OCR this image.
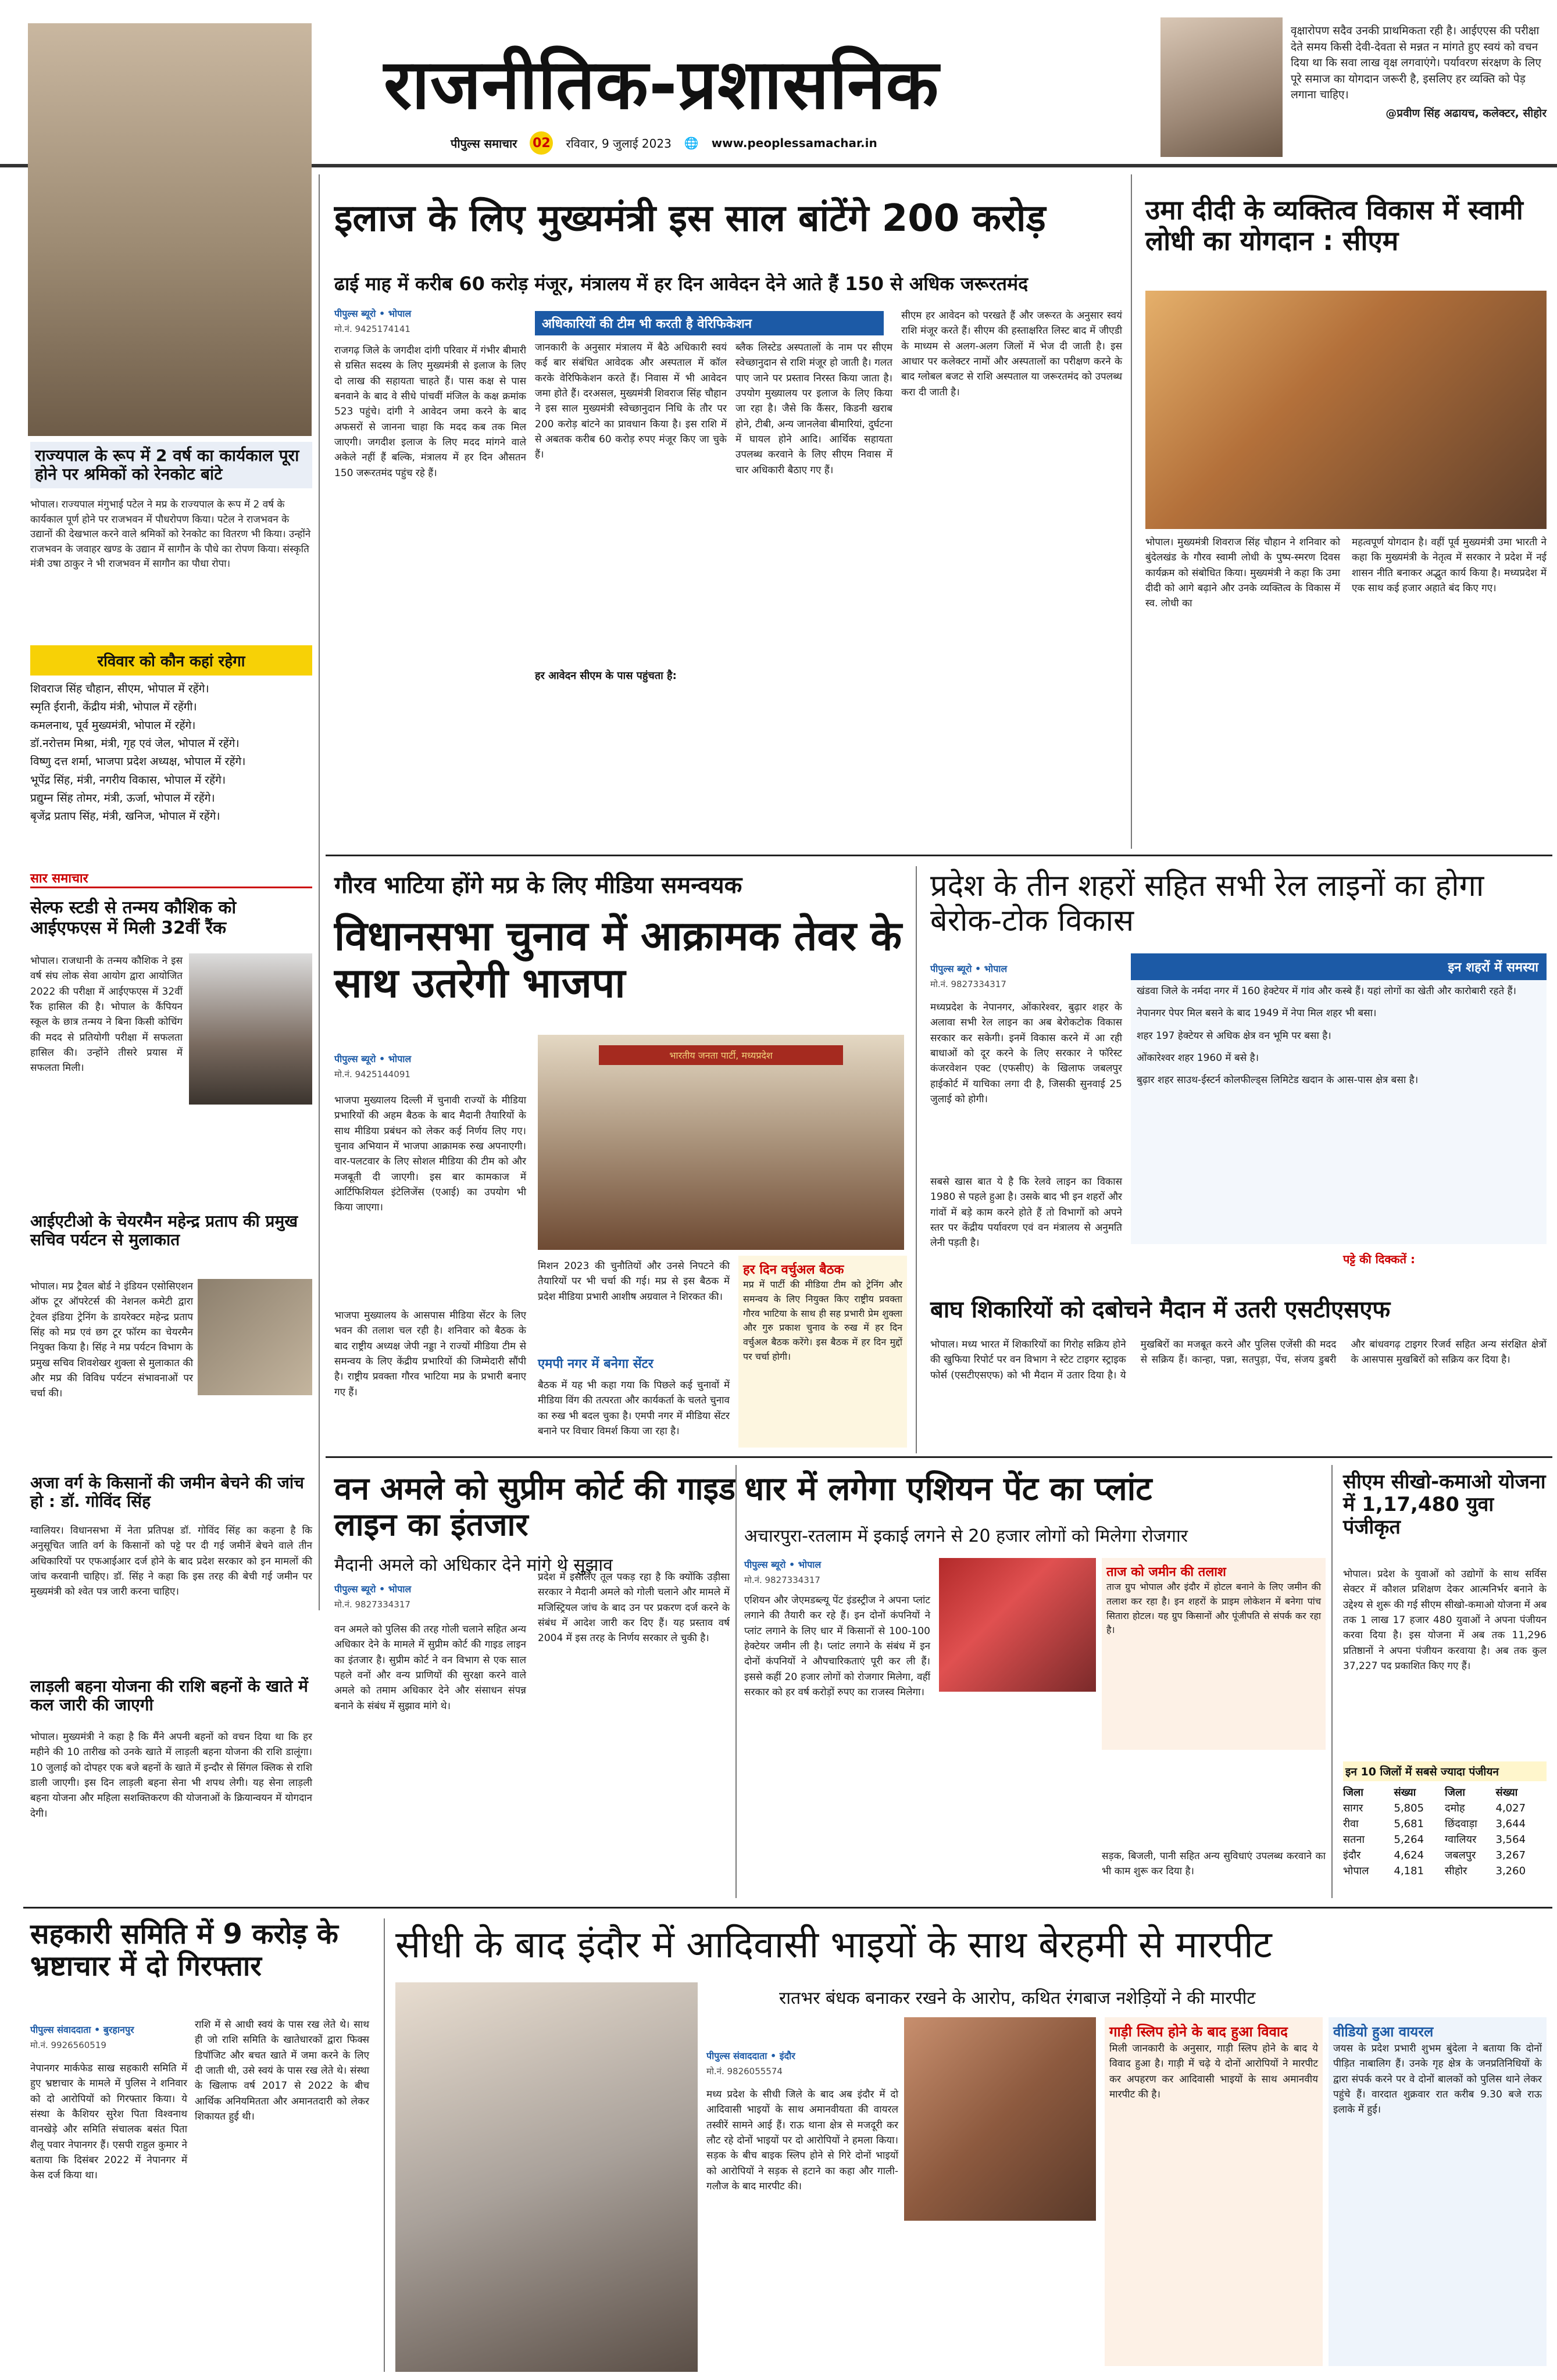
राजनीतिक-प्रशासनिक
पीपुल्स समाचार 02 रविवार, 9 जुलाई 2023 🌐 www.peoplessamachar.in
वृक्षारोपण सदैव उनकी प्राथमिकता रही है। आईएएस की परीक्षा देते समय किसी देवी-देवता से मन्नत न मांगते हुए स्वयं को वचन दिया था कि सवा लाख वृक्ष लगवाएंगे। पर्यावरण संरक्षण के लिए पूरे समाज का योगदान जरूरी है, इसलिए हर व्यक्ति को पेड़ लगाना चाहिए।
@प्रवीण सिंह अढायच, कलेक्टर, सीहोर
राज्यपाल के रूप में 2 वर्ष का कार्यकाल पूरा होने पर श्रमिकों को रेनकोट बांटे
भोपाल। राज्यपाल मंगुभाई पटेल ने मप्र के राज्यपाल के रूप में 2 वर्ष के कार्यकाल पूर्ण होने पर राजभवन में पौधरोपण किया। पटेल ने राजभवन के उद्यानों की देखभाल करने वाले श्रमिकों को रेनकोट का वितरण भी किया। उन्होंने राजभवन के जवाहर खण्ड के उद्यान में सागौन के पौधे का रोपण किया। संस्कृति मंत्री उषा ठाकुर ने भी राजभवन में सागौन का पौधा रोपा।
रविवार को कौन कहां रहेगा
शिवराज सिंह चौहान, सीएम, भोपाल में रहेंगे।
स्मृति ईरानी, केंद्रीय मंत्री, भोपाल में रहेंगी।
कमलनाथ, पूर्व मुख्यमंत्री, भोपाल में रहेंगे।
डॉ.नरोत्तम मिश्रा, मंत्री, गृह एवं जेल, भोपाल में रहेंगे।
विष्णु दत्त शर्मा, भाजपा प्रदेश अध्यक्ष, भोपाल में रहेंगे।
भूपेंद्र सिंह, मंत्री, नगरीय विकास, भोपाल में रहेंगे।
प्रद्युम्न सिंह तोमर, मंत्री, ऊर्जा, भोपाल में रहेंगे।
बृजेंद्र प्रताप सिंह, मंत्री, खनिज, भोपाल में रहेंगे।
सार समाचार
सेल्फ स्टडी से तन्मय कौशिक को आईएफएस में मिली 32वीं रैंक
भोपाल। राजधानी के तन्मय कौशिक ने इस वर्ष संघ लोक सेवा आयोग द्वारा आयोजित 2022 की परीक्षा में आईएफएस में 32वीं रैंक हासिल की है। भोपाल के कैंपियन स्कूल के छात्र तन्मय ने बिना किसी कोचिंग की मदद से प्रतियोगी परीक्षा में सफलता हासिल की। उन्होंने तीसरे प्रयास में सफलता मिली।
आईएटीओ के चेयरमैन महेन्द्र प्रताप की प्रमुख सचिव पर्यटन से मुलाकात
भोपाल। मप्र ट्रैवल बोर्ड ने इंडियन एसोसिएशन ऑफ टूर ऑपरेटर्स की नेशनल कमेटी द्वारा ट्रेवल इंडिया ट्रेनिंग के डायरेक्टर महेन्द्र प्रताप सिंह को मप्र एवं छग टूर फॉरम का चेयरमैन नियुक्त किया है। सिंह ने मप्र पर्यटन विभाग के प्रमुख सचिव शिवशेखर शुक्ला से मुलाकात की और मप्र की विविध पर्यटन संभावनाओं पर चर्चा की।
अजा वर्ग के किसानों की जमीन बेचने की जांच हो : डॉ. गोविंद सिंह
ग्वालियर। विधानसभा में नेता प्रतिपक्ष डॉ. गोविंद सिंह का कहना है कि अनुसूचित जाति वर्ग के किसानों को पट्टे पर दी गई जमीनें बेचने वाले तीन अधिकारियों पर एफआईआर दर्ज होने के बाद प्रदेश सरकार को इन मामलों की जांच करवानी चाहिए। डॉ. सिंह ने कहा कि इस तरह की बेची गई जमीन पर मुख्यमंत्री को श्वेत पत्र जारी करना चाहिए।
लाड़ली बहना योजना की राशि बहनों के खाते में कल जारी की जाएगी
भोपाल। मुख्यमंत्री ने कहा है कि मैंने अपनी बहनों को वचन दिया था कि हर महीने की 10 तारीख को उनके खाते में लाड़ली बहना योजना की राशि डालूंगा। 10 जुलाई को दोपहर एक बजे बहनों के खाते में इन्दौर से सिंगल क्लिक से राशि डाली जाएगी। इस दिन लाड़ली बहना सेना भी शपथ लेगी। यह सेना लाड़ली बहना योजना और महिला सशक्तिकरण की योजनाओं के क्रियान्वयन में योगदान देगी।
इलाज के लिए मुख्यमंत्री इस साल बांटेंगे 200 करोड़
ढाई माह में करीब 60 करोड़ मंजूर, मंत्रालय में हर दिन आवेदन देने आते हैं 150 से अधिक जरूरतमंद
पीपुल्स ब्यूरो • भोपाल
मो.नं. 9425174141	अधिकारियों की टीम भी करती है वेरिफिकेशन
राजगढ़ जिले के जगदीश दांगी परिवार में गंभीर बीमारी से ग्रसित सदस्य के लिए मुख्यमंत्री से इलाज के लिए दो लाख की सहायता चाहते हैं। पास कक्ष से पास बनवाने के बाद वे सीधे पांचवीं मंजिल के कक्ष क्रमांक 523 पहुंचे। दांगी ने आवेदन जमा करने के बाद अफसरों से जानना चाहा कि मदद कब तक मिल जाएगी। जगदीश इलाज के लिए मदद मांगने वाले अकेले नहीं हैं बल्कि, मंत्रालय में हर दिन औसतन 150 जरूरतमंद पहुंच रहे हैं।
जानकारी के अनुसार मंत्रालय में बैठे अधिकारी स्वयं कई बार संबंधित आवेदक और अस्पताल में कॉल करके वेरिफिकेशन करते हैं। निवास में भी आवेदन जमा होते हैं। दरअसल, मुख्यमंत्री शिवराज सिंह चौहान ने इस साल मुख्यमंत्री स्वेच्छानुदान निधि के तौर पर 200 करोड़ बांटने का प्रावधान किया है। इस राशि में से अबतक करीब 60 करोड़ रुपए मंजूर किए जा चुके हैं।
ब्लैक लिस्टेड अस्पतालों के नाम पर सीएम स्वेच्छानुदान से राशि मंजूर हो जाती है। गलत पाए जाने पर प्रस्ताव निरस्त किया जाता है। उपयोग मुख्यालय पर इलाज के लिए किया जा रहा है। जैसे कि कैंसर, किडनी खराब होने, टीबी, अन्य जानलेवा बीमारियां, दुर्घटना में घायल होने आदि। आर्थिक सहायता उपलब्ध करवाने के लिए सीएम निवास में चार अधिकारी बैठाए गए हैं।
सीएम हर आवेदन को परखते हैं और जरूरत के अनुसार स्वयं राशि मंजूर करते हैं। सीएम की हस्ताक्षरित लिस्ट बाद में जीएडी के माध्यम से अलग-अलग जिलों में भेज दी जाती है। इस आधार पर कलेक्टर नामों और अस्पतालों का परीक्षण करने के बाद ग्लोबल बजट से राशि अस्पताल या जरूरतमंद को उपलब्ध करा दी जाती है।
हर आवेदन सीएम के पास पहुंचता है:
उमा दीदी के व्यक्तित्व विकास में स्वामी लोधी का योगदान : सीएम
भोपाल। मुख्यमंत्री शिवराज सिंह चौहान ने शनिवार को बुंदेलखंड के गौरव स्वामी लोधी के पुष्प-स्मरण दिवस कार्यक्रम को संबोधित किया। मुख्यमंत्री ने कहा कि उमा दीदी को आगे बढ़ाने और उनके व्यक्तित्व के विकास में स्व. लोधी का
महत्वपूर्ण योगदान है। वहीं पूर्व मुख्यमंत्री उमा भारती ने कहा कि मुख्यमंत्री के नेतृत्व में सरकार ने प्रदेश में नई शासन नीति बनाकर अद्भुत कार्य किया है। मध्यप्रदेश में एक साथ कई हजार अहाते बंद किए गए।
गौरव भाटिया होंगे मप्र के लिए मीडिया समन्वयक
विधानसभा चुनाव में आक्रामक तेवर के साथ उतरेगी भाजपा
पीपुल्स ब्यूरो • भोपाल
मो.नं. 9425144091
भारतीय जनता पार्टी, मध्यप्रदेश
भाजपा मुख्यालय दिल्ली में चुनावी राज्यों के मीडिया प्रभारियों की अहम बैठक के बाद मैदानी तैयारियों के साथ मीडिया प्रबंधन को लेकर कई निर्णय लिए गए। चुनाव अभियान में भाजपा आक्रामक रुख अपनाएगी। वार-पलटवार के लिए सोशल मीडिया की टीम को और मजबूती दी जाएगी। इस बार कामकाज में आर्टिफिशियल इंटेलिजेंस (एआई) का उपयोग भी किया जाएगा।
भाजपा मुख्यालय के आसपास मीडिया सेंटर के लिए भवन की तलाश चल रही है। शनिवार को बैठक के बाद राष्ट्रीय अध्यक्ष जेपी नड्डा ने राज्यों मीडिया टीम से समन्वय के लिए केंद्रीय प्रभारियों की जिम्मेदारी सौंपी है। राष्ट्रीय प्रवक्ता गौरव भाटिया मप्र के प्रभारी बनाए गए हैं।
मिशन 2023 की चुनौतियों और उनसे निपटने की तैयारियों पर भी चर्चा की गई। मप्र से इस बैठक में प्रदेश मीडिया प्रभारी आशीष अग्रवाल ने शिरकत की।
एमपी नगर में बनेगा सेंटर
बैठक में यह भी कहा गया कि पिछले कई चुनावों में मीडिया विंग की तत्परता और कार्यकर्ता के चलते चुनाव का रुख भी बदल चुका है। एमपी नगर में मीडिया सेंटर बनाने पर विचार विमर्श किया जा रहा है।
हर दिन वर्चुअल बैठक
मप्र में पार्टी की मीडिया टीम को ट्रेनिंग और समन्वय के लिए नियुक्त किए राष्ट्रीय प्रवक्ता गौरव भाटिया के साथ ही सह प्रभारी प्रेम शुक्ला और गुरु प्रकाश चुनाव के रुख में हर दिन वर्चुअल बैठक करेंगे। इस बैठक में हर दिन मुद्दों पर चर्चा होगी।
प्रदेश के तीन शहरों सहित सभी रेल लाइनों का होगा बेरोक-टोक विकास
पीपुल्स ब्यूरो • भोपाल
मो.नं. 9827334317
मध्यप्रदेश के नेपानगर, ओंकारेश्वर, बुढ़ार शहर के अलावा सभी रेल लाइन का अब बेरोकटोक विकास सरकार कर सकेगी। इनमें विकास करने में आ रही बाधाओं को दूर करने के लिए सरकार ने फॉरेस्ट कंजरवेशन एक्ट (एफसीए) के खिलाफ जबलपुर हाईकोर्ट में याचिका लगा दी है, जिसकी सुनवाई 25 जुलाई को होगी।
सबसे खास बात ये है कि रेलवे लाइन का विकास 1980 से पहले हुआ है। उसके बाद भी इन शहरों और गांवों में बड़े काम करने होते हैं तो विभागों को अपने स्तर पर केंद्रीय पर्यावरण एवं वन मंत्रालय से अनुमति लेनी पड़ती है।
इन शहरों में समस्या
खंडवा जिले के नर्मदा नगर में 160 हेक्टेयर में गांव और कस्बे हैं। यहां लोगों का खेती और कारोबारी रहते हैं।
नेपानगर पेपर मिल बसने के बाद 1949 में नेपा मिल शहर भी बसा।
शहर 197 हेक्टेयर से अधिक क्षेत्र वन भूमि पर बसा है।
ओंकारेश्वर शहर 1960 में बसे है।
बुढ़ार शहर साउथ-ईस्टर्न कोलफील्ड्स लिमिटेड खदान के आस-पास क्षेत्र बसा है।
पट्टे की दिक्कतें :
बाघ शिकारियों को दबोचने मैदान में उतरी एसटीएसएफ
भोपाल। मध्य भारत में शिकारियों का गिरोह सक्रिय होने की खुफिया रिपोर्ट पर वन विभाग ने स्टेट टाइगर स्ट्राइक फोर्स (एसटीएसएफ) को भी मैदान में उतार दिया है। ये मुखबिरों का मजबूत करने और पुलिस एजेंसी की मदद से सक्रिय हैं। कान्हा, पन्ना, सतपुड़ा, पेंच, संजय डुबरी और बांधवगढ़ टाइगर रिजर्व सहित अन्य संरक्षित क्षेत्रों के आसपास मुखबिरों को सक्रिय कर दिया है।
वन अमले को सुप्रीम कोर्ट की गाइड लाइन का इंतजार
मैदानी अमले को अधिकार देने मांगे थे सुझाव
पीपुल्स ब्यूरो • भोपाल
मो.नं. 9827334317
वन अमले को पुलिस की तरह गोली चलाने सहित अन्य अधिकार देने के मामले में सुप्रीम कोर्ट की गाइड लाइन का इंतजार है। सुप्रीम कोर्ट ने वन विभाग से एक साल पहले वनों और वन्य प्राणियों की सुरक्षा करने वाले अमले को तमाम अधिकार देने और संसाधन संपन्न बनाने के संबंध में सुझाव मांगे थे।
प्रदेश में इसलिए तूल पकड़ रहा है कि क्योंकि उड़ीसा सरकार ने मैदानी अमले को गोली चलाने और मामले में मजिस्ट्रियल जांच के बाद उन पर प्रकरण दर्ज करने के संबंध में आदेश जारी कर दिए हैं। यह प्रस्ताव वर्ष 2004 में इस तरह के निर्णय सरकार ले चुकी है।
धार में लगेगा एशियन पेंट का प्लांट
अचारपुरा-रतलाम में इकाई लगने से 20 हजार लोगों को मिलेगा रोजगार
पीपुल्स ब्यूरो • भोपाल
मो.नं. 9827334317
एशियन और जेएमडब्ल्यू पेंट इंडस्ट्रीज ने अपना प्लांट लगाने की तैयारी कर रहे हैं। इन दोनों कंपनियों ने प्लांट लगाने के लिए धार में किसानों से 100-100 हेक्टेयर जमीन ली है। प्लांट लगाने के संबंध में इन दोनों कंपनियों ने औपचारिकताएं पूरी कर ली हैं। इससे कहीं 20 हजार लोगों को रोजगार मिलेगा, वहीं सरकार को हर वर्ष करोड़ों रुपए का राजस्व मिलेगा।
ताज को जमीन की तलाश
ताज ग्रुप भोपाल और इंदौर में होटल बनाने के लिए जमीन की तलाश कर रहा है। इन शहरों के प्राइम लोकेशन में बनेगा पांच सितारा होटल। यह ग्रुप किसानों और पूंजीपति से संपर्क कर रहा है।
सड़क, बिजली, पानी सहित अन्य सुविधाएं उपलब्ध करवाने का भी काम शुरू कर दिया है।
सीएम सीखो-कमाओ योजना में 1,17,480 युवा पंजीकृत
भोपाल। प्रदेश के युवाओं को उद्योगों के साथ सर्विस सेक्टर में कौशल प्रशिक्षण देकर आत्मनिर्भर बनाने के उद्देश्य से शुरू की गई सीएम सीखो-कमाओ योजना में अब तक 1 लाख 17 हजार 480 युवाओं ने अपना पंजीयन करवा दिया है। इस योजना में अब तक 11,296 प्रतिष्ठानों ने अपना पंजीयन करवाया है। अब तक कुल 37,227 पद प्रकाशित किए गए हैं।
इन 10 जिलों में सबसे ज्यादा पंजीयन
जिला	संख्या	जिला	संख्या
सागर	5,805	दमोह	4,027
रीवा	5,681	छिंदवाड़ा	3,644
सतना	5,264	ग्वालियर	3,564
इंदौर	4,624	जबलपुर	3,267
भोपाल	4,181	सीहोर	3,260
सहकारी समिति में 9 करोड़ के भ्रष्टाचार में दो गिरफ्तार
पीपुल्स संवाददाता • बुरहानपुर
मो.नं. 9926560519
नेपानगर मार्कफेड साख सहकारी समिति में हुए भ्रष्टाचार के मामले में पुलिस ने शनिवार को दो आरोपियों को गिरफ्तार किया। ये संस्था के कैशियर सुरेश पिता विश्वनाथ वानखेड़े और समिति संचालक बसंत पिता शैलू पवार नेपानगर हैं। एसपी राहुल कुमार ने बताया कि दिसंबर 2022 में नेपानगर में केस दर्ज किया था।
राशि में से आधी स्वयं के पास रख लेते थे। साथ ही जो राशि समिति के खातेधारकों द्वारा फिक्स डिपॉजिट और बचत खाते में जमा करने के लिए दी जाती थी, उसे स्वयं के पास रख लेते थे। संस्था के खिलाफ वर्ष 2017 से 2022 के बीच आर्थिक अनियमितता और अमानतदारी को लेकर शिकायत हुई थी।
सीधी के बाद इंदौर में आदिवासी भाइयों के साथ बेरहमी से मारपीट
रातभर बंधक बनाकर रखने के आरोप, कथित रंगबाज नशेड़ियों ने की मारपीट
पीपुल्स संवाददाता • इंदौर
मो.नं. 9826055574
मध्य प्रदेश के सीधी जिले के बाद अब इंदौर में दो आदिवासी भाइयों के साथ अमानवीयता की वायरल तस्वीरें सामने आई हैं। राऊ थाना क्षेत्र से मजदूरी कर लौट रहे दोनों भाइयों पर दो आरोपियों ने हमला किया। सड़क के बीच बाइक स्लिप होने से गिरे दोनों भाइयों को आरोपियों ने सड़क से हटाने का कहा और गाली-गलौज के बाद मारपीट की।
गाड़ी स्लिप होने के बाद हुआ विवाद
मिली जानकारी के अनुसार, गाड़ी स्लिप होने के बाद ये विवाद हुआ है। गाड़ी में चढ़े ये दोनों आरोपियों ने मारपीट कर अपहरण कर आदिवासी भाइयों के साथ अमानवीय मारपीट की है।
वीडियो हुआ वायरल
जयस के प्रदेश प्रभारी शुभम बुंदेला ने बताया कि दोनों पीड़ित नाबालिग हैं। उनके गृह क्षेत्र के जनप्रतिनिधियों के द्वारा संपर्क करने पर वे दोनों बालकों को पुलिस थाने लेकर पहुंचे हैं। वारदात शुक्रवार रात करीब 9.30 बजे राऊ इलाके में हुई।
